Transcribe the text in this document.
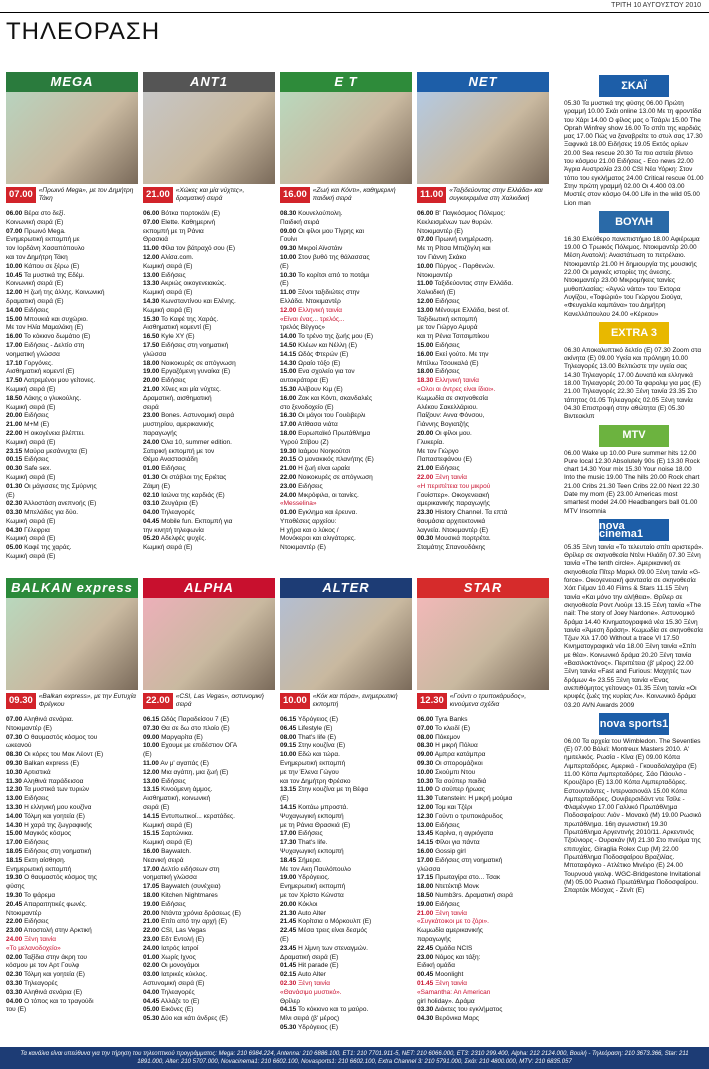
ΤΡΙΤΗ 10 ΑΥΓΟΥΣΤΟΥ 2010
ΤΗΛΕΟΡΑΣΗ
MEGA
07.00 «Πρωινό Mega», με τον Δημήτρη Τάκη
06.00 Βέρα στο δεξί.
Κοινωνική σειρά (Ε)
07.00 Πρωινό Mega.
Ενημερωτική εκπομπή με
τον Ιορδάνη Χασαπόπουλο
και τον Δημήτρη Τάκη
10.00 Κάπου σε ξέρω (Ε)
10.45 Τα μυστικά της Εδέμ.
Κοινωνική σειρά (Ε)
12.00 Η ζωή της άλλης. Κοινωνική
δραματική σειρά (Ε)
14.00 Ειδήσεις
15.00 Μπουκιά και συχώριο.
Με τον Ηλία Μαμαλάκη (Ε)
16.00 Το κόκκινο δωμάτιο (Ε)
17.00 Ειδήσεις - Δελτίο στη
νοηματική γλώσσα
17.10 Γοργόνες.
Αισθηματική κομεντί (Ε)
17.50 Λατρεμένοι μου γείτονες.
Κωμική σειρά (Ε)
18.50 Λάκης ο γλυκούλης.
Κωμική σειρά (Ε)
20.00 Ειδήσεις
21.00 Μ+Μ (Ε)
22.00 Η οικογένεια βλέπτει.
Κωμική σειρά (Ε)
23.15 Μαύρα μεσάνυχτα (Ε)
00.15 Ειδήσεις
00.30 Safe sex.
Κωμική σειρά (Ε)
01.30 Οι μάγισσες της Σμύρνης
(Ε)
02.30 Άλλοστάση ανεπνοής (Ε)
03.30 Μπελάδες για δύο.
Κωμική σειρά (Ε)
04.30 Γέλεφρια
Κωμική σειρά (Ε)
05.00 Καφέ της χαράς.
Κωμική σειρά (Ε)
ANT1
21.00 «Χώκες και μία νύχτες», δραματική σειρά
06.00 Βότκα πορτοκάλι (Ε)
07.00 Elette. Καθημερινή
εκπομπή με τη Ράνια
Θρασκιά
11.00 Φίλα τον βάτραχό σου (Ε)
12.00 Αλίσα.com.
Κωμική σειρά (Ε)
13.00 Ειδήσεις
13.30 Ακριώς οικογενειακώς.
Κωμική σειρά (Ε)
14.30 Κωνσταντίνου και Ελένης.
Κωμική σειρά (Ε)
15.30 Το Καφέ της Χαράς.
Αισθηματική κομεντί (Ε)
16.50 Kyle XY (Ε)
17.50 Ειδήσεις στη νοηματική
γλώσσα
18.00 Νοικοκυρές σε απόγνωση
19.00 Εργαζόμενη γυναίκα (Ε)
20.00 Ειδήσεις
21.00 Χίλιες και μία νύχτες.
Δραματική, αισθηματική
σειρά
23.00 Bones. Αστυνομική σειρά
μυστηρίου, αμερικανικής
παραγωγής
24.00 Όλα 10, summer edition.
Σατιρική εκπομπή με τον
Θέμο Αναστασιάδη
01.00 Ειδήσεις
01.30 Οι στάβλοι της Εριέτας
Ζάιμη (Ε)
02.10 Ιαώνα της καρδιάς (Ε)
03.10 Ζευγάρια (Ε)
04.00 Τηλεαγορές
04.45 Mobile fun. Εκπομπή για
την κινητή τηλεφωνία
05.20 Αδελφές ψυχές.
Κωμική σειρά (Ε)
E T
16.00 «Ζωή και Κόντι», καθημερινή παιδική σειρά
08.30 Κουνελούπολη.
Παιδική σειρά
09.00 Οι φίλοι μου Τίγρης και
Γουίνι
09.30 Μικροί Αϊνστάιν
10.00 Στον βυθό της θάλασσας
(Ε)
10.30 Το κορίτσι από το ποτάμι
(Ε)
11.00 Ξένοι ταξιδιώτες στην
Ελλάδα. Ντοκιμαντέρ
12.00 Ελληνική ταινία
«Είναι ένας... τρελός...
τρελός Βέγγος»
14.00 Το τρένο της ζωής μου (Ε)
14.50 Κλέων και Νέλλη (Ε)
14.15 Ωδός Φτερών (Ε)
14.30 Ωραίο τόξο (Ε)
15.00 Ενα σχολείο για τον
αυτοκράτορα (Ε)
15.30 Αλίβουν Κιμ (Ε)
16.00 Ζακ και Κόντι, σκανδαλιές
στο ξενοδοχείο (Ε)
16.30 Οι μάγοι του Γουέιβερλι
17.00 Ατίθασα νιάτα
18.00 Ευρωπαϊκό Πρωτάθλημα
Υγρού Στίβου (Ζ)
19.30 Ιαάμου Νοηκούτσι
20.15 Ο μονακικός πλανήτης (Ε)
21.00 Η ζωή είναι ωραία
22.00 Νοικοκυρές σε απόγνωση
23.00 Ειδήσεις
24.00 Μικρόφιλα, οι ταινίες.
«Messelina»
01.00 Εγκλημα και έρευνα.
Υποθέσεις αρχείου:
Η χήρα και ο λύκος /
Μονόκεροι και αλιγάτορες.
Ντοκιμαντέρ (Ε)
NET
11.00 «Ταξιδεύοντας στην Ελλάδα» και συγκεκριμένα στη Χαλκιδική
06.00 Β' Παγκόσμιος Πόλεμος:
Κεκλεισμένων των θυρών.
Ντοκιμαντέρ (Ε)
07.00 Πρωινή ενημέρωση.
Με τη Ρίτσα Μπιζόγλη και
τον Γιάννη Σκάκο
10.00 Πύργος - Παρθενών.
Ντοκιμαντέρ
11.00 Ταξιδεύοντας στην Ελλάδα.
Χαλκιδική (Ε)
12.00 Ειδήσεις
13.00 Μένουμε Ελλάδα, best of.
Ταξιδιωτική εκπομπή
με τον Γιώργο Αμυρά
και τη Ρένια Τσιτσιμπίκου
15.00 Ειδήσεις
16.00 Εκεί γούτο. Με την
Μπίλιω Τσουκαλά (Ε)
18.00 Ειδήσεις
18.30 Ελληνική ταινία
«Ολοι οι άντρες είναι ίδιοι».
Κωμωδία σε σκηνοθεσία
Αλέκου Σακελλάριου.
Παίζουν: Αννα Φόνσου,
Γιάννης Βογιατζής
20.00 Οι φίλοι μου.
Γλυκερία.
Με τον Γιώργο
Παπαστεφάνου (Ε)
21.00 Ειδήσεις
22.00 Ξένη ταινία
«Η περιπέτεια του μικρού
Γουίσπερ». Οικογενειακή
αμερικανικής παραγωγής
23.30 History Channel. Τα επτά
θαυμάσια αρχιτεκτονικά
λαγνεία. Ντοκιμαντέρ (Ε)
00.30 Μουσικά πορτρέτα.
Σταμάτης Σπανουδάκης
BALKAN express
09.30 «Balkan express», με την Ευτυχία Φρέγκου
07.00 Αληθινά σενάρια.
Ντοκιμαντέρ (Ε)
07.30 Ο θαυμαστός κόσμος του
ωκεανού
08.30 Οι κόρες του Μακ Λέοντ (Ε)
09.30 Balkan express (Ε)
10.30 Αρτιστικά
11.30 Αληθινά παράδεισοα
12.30 Τα μυστικά των τυριών
13.00 Ειδήσεις
13.30 Η ελληνική μου κουζίνα
14.00 Τόλμη και γοητεία (Ε)
14.30 Η χαρά της ζωγραφικής
15.00 Μαγικός κόσμος
17.00 Ειδήσεις
18.05 Ειδήσεις στη νοηματική
18.15 Εκτη αίσθηση.
Ενημερωτική εκπομπή
19.30 Ο θαυμαστός κόσμος της
φύσης
19.30 Το ψάρεμα
20.45 Απαραιτητικές φωνές.
Ντοκιμαντέρ
22.00 Ειδήσεις
23.00 Αποστολή στην Αρκτική
24.00 Ξένη ταινία
«Το μελανοδοχείο»
02.00 Ταξίδια στην άκρη του
κόσμου με τον Αρτ Γουλφ
02.30 Τόλμη και γοητεία (Ε)
03.30 Τηλεαγορές
03.30 Αληθινά σενάρια (Ε)
04.00 Ο τόπος και το τραγούδι
του (Ε)
ALPHA
22.00 «CSI, Las Vegas», αστυνομική σειρά
06.15 Ωδός Παραδείσου 7 (Ε)
07.30 Θα σε δω στο πλοίο (Ε)
09.00 Μαργαρίτα (Ε)
10.00 Εχουμε με επιδέστιον ΟΓΑ
(Ε)
11.00 Αν μ' αγαπάς (Ε)
12.00 Μια αγάπη, μια ζωή (Ε)
13.00 Ειδήσεις
13.15 Κινούμενη άμμος.
Αισθηματική, κοινωνική
σειρά (Ε)
14.15 Εντυπωτικοί... κερατάδες.
Κωμική σειρά (Ε)
15.15 Σαρτώνικα.
Κωμική σειρά (Ε)
16.00 Baywatch.
Νεανική σειρά
17.00 Δελτίο ειδήσεων στη
νοηματική γλώσσα
17.05 Baywatch (συνέχεια)
18.00 Kitchen Nightmares
19.00 Ειδήσεις
20.00 Ντάντα χρόνια δράσεως (Ε)
21.00 Επίτι από την αρχή (Ε)
22.00 CSI, Las Vegas
23.00 Εδτ Εντολή (Ε)
24.00 Ιατρός Ιατροί
01.00 Χωρίς Ιχνος
02.00 Οι μονογάμοι
03.00 Ιατρικές κύκλος.
Αστυνομική σειρά (Ε)
04.00 Τηλεαγορές
04.45 Αλλάζε το (Ε)
05.00 Εικόνες (Ε)
05.30 Δύο και κάτι άνδρες (Ε)
ALTER
10.00 «Κόκ και πόρα», ενημερωτική εκπομπή
06.15 Υδρόγειος (Ε)
06.45 Lifestyle (Ε)
08.00 That's life (Ε)
09.15 Στην κουζίνα (Ε)
10.00 Εδώ και τώρα.
Ενημερωτική εκπομπή
με την Έλενα Γώγου
και τον Δημήτρη Φρέσκο
13.15 Στην κουζίνα με τη Βέφα
(Ε)
14.15 Κοιτάω μπροστά.
Ψυχαγωγική εκπομπή
με τη Ράνια Θρασκιά (Ε)
17.00 Ειδήσεις
17.30 That's life.
Ψυχαγωγική εκπομπή
18.45 Σήμερα.
Με τον Ακη Παυλόπουλο
19.00 Υδρόγειος.
Ενημερωτική εκπομπή
με τον Χρίστο Κώνστα
20.00 Κόκλοι
21.30 Auto Alter
21.45 Κορίτσια ο Μόρκουλπ (Ε)
22.45 Μέσα τρεις είναι δεσμός
(Ε)
23.45 Η λίμνη των στεναγμών.
Δραματική σειρά (Ε)
01.45 Hit parade (Ε)
02.15 Auto Alter
02.30 Ξένη ταινία
«Θανάσιμο μυστικό».
Θρίλερ
04.15 Το κόκκινο και το μαύρο.
Μίνι σειρά (β' μέρος)
05.30 Υδρόγειος (Ε)
STAR
12.30 «Γούντι ο τρυποκάρυδος», κινούμενα σχέδια
06.00 Tyra Banks
07.00 Το κλειδί (Ε)
08.00 Πόκεμον
08.30 Η μικρή Πόλυα
09.00 Αμπρα κατάμπρα
09.30 Οι σπορομάζικοι
10.00 Σκούμπι Ντου
10.30 Τα σούπερ παιδιά
11.00 Ο σούπερ ήρωας
11.30 Tutenstein: Η μικρή μούμια
12.00 Τομ και Τζέρι
12.30 Γούντι ο τρυποκάρυδος
13.00 Ειδήσεις
13.45 Καρίνα, η αγριόγατα
14.15 Φίλοι για πάντα
16.00 Gossip girl
17.00 Ειδήσεις στη νοηματική
γλώσσα
17.15 Πρωταγίρα στο... Τσακ
18.00 Ντετέκτιβ Μονκ
18.50 Numb3rs. Δραματική σειρά
19.00 Ειδήσεις
21.00 Ξένη ταινία
«Συγκάτοικοι με το ζόρι».
Κωμωδία αμερικανικής
παραγωγής
22.45 Ομάδα NCIS
23.00 Νόμος και τάξη:
Ειδική ομάδα
00.45 Moonlight
01.45 Ξένη ταινία
«Samantha: An American
girl holiday». Δράμα
03.30 Διάκτες του εγκλήματος
04.30 Βερόνικα Μαρς
ΣΚΑΪ
05.30 Τα μυστικά της φύσης 06.00 Πρώτη γραμμή 10.00 Σκάι online 13.00 Με τη φροντίδα του Χάρι 14.00 Ο φίλος μας ο Τσάρλι 15.00 The Oprah Winfrey show 16.00 Το σπίτι της καρδιάς μας 17.00 Πώς να ξαναβρείτε το στυλ σας 17.30 Ξαφνικά 18.00 Ειδήσεις 19.05 Εκτός ορίων 20.00 Sea rescue 20.30 Τα πιο αστεία βίντεο του κόσμου 21.00 Ειδήσεις - Εco news 22.00 Άγρια Αυστραλία 23.00 CSI Νέα Υόρκη: Στον τόπο του εγκλήματος 24.00 Critical rescue 01.00 Στην πρώτη γραμμή 02.00 Οι 4.400 03.00 Μυστές στον κόσμο 04.00 Life in the wild 05.00 Lion man
ΒΟΥΛΗ
16.30 Ελεύθερο πανεπιστήμιο 18.00 Αφιέρωμα 19.00 Ο Τρωικός Πόλεμος. Ντοκιμαντέρ 20.00 Μέση Ανατολή: Αναστάτωση το πετρέλαιο. Ντοκιμαντέρ 21.00 Η δημιουργία της μουσικής 22.00 Οι μαγικές ιστορίες της άνεσης. Ντοκιμαντέρ 23.00 Μικρομήκεις ταινίες μυθοπλασίας: «Άγνώ νάιτα» του Έκτορα Λυγίζου, «Τοφώριό» του Γιώργου Σιούγα, «Φευγαλέα καμπάνα» του Δημήτρη Κανελλόπουλου 24.00 «Κέρκου»
EXTRA 3
06.30 Αποκαλυπτικό δελτίο (Ε) 07.30 Zoom στα ακίνητα (Ε) 09.00 Υγεία και πρόληψη 10.00 Τηλεαγορές 13.00 Βελτιώστε την υγεία σας 14.30 Τηλεαγορές 17.00 Δυνατά και ελληνικά 18.00 Τηλεαγορές 20.00 Τα φαρολιμ για μας (Ε) 21.00 Τηλεαγορές 22.30 Ξένη ταινία 23.35 Στο τάπητος 01.05 Τηλεαγορές 02.05 Ξένη ταινία 04.30 Επιστροφή στην αθώτητα (Ε) 05.30 Βιντεοκλιπ
MTV
06.00 Wake up 10.00 Pure summer hits 12.00 Pure local 12.30 Absolutely 90s (Ε) 13.30 Rock chart 14.30 Your mix 15.30 Your noise 18.00 Into the music 19.00 The hills 20.00 Rock chart 21.00 Cribs 21.30 Teen Cribs 22.00 Next 22.30 Date my mom (Ε) 23.00 Americas most smartest model 24.00 Headbangers ball 01.00 MTV Insomnia
nova cinema1
05.35 Ξένη ταινία «Το τελευταίο σπίτι αριστερά». Θρίλερ σε σκηνοθεσία Ντένι Ηλιάδη 07.30 Ξένη ταινία «The tenth circle». Αμερικανική σε σκηνοθεσία Πίτερ Μαρκλ 09.00 Ξένη ταινία «G-force». Οικογενειακή φαντασία σε σκηνοθεσία Χόιτ Γιέμαν 10.40 Films & Stars 11.15 Ξένη ταινία «Και μόνο την αλήθεια». Θρίλερ σε σκηνοθεσία Ροντ Λιούρι 13.15 Ξένη ταινία «The nail: The story of Joey Nardone». Αστυνομικό δράμα 14.40 Κινηματογραφικά νέα 15.30 Ξένη ταινία «Άμεση δράση». Κωμωδία σε σκηνοθεσία Τζων Χιλ 17.00 Without a trace VI 17.50 Κινηματογραφικά νέα 18.00 Ξένη ταινία «Σπίτι με θέα». Κοινωνικό δράμα 20.20 Ξένη ταινία «Βασιλοκτόνος». Περιπέτεια (β' μέρος) 22.00 Ξένη ταινία «Fast and Furious: Μαχητές των δρόμων 4» 23.55 Ξένη ταινία «Ένας ανεπιθύμητος γείτονας» 01.35 Ξένη ταινία «Οι κρυφές ζωές της κυρίας Λι». Κοινωνικό δράμα 03.20 AVN Awards 2009
nova sports1
06.00 Τα αρχεία του Wimbledon. The Seventies (Ε) 07.00 Βόλεϊ: Montreux Masters 2010. Α' ημιτελικός. Ρωσία - Κίνα (Ε) 09.00 Κόπα Λιμπερταδόρες. Αμερικά - Γκουαδαλαχάρα (Ε) 11.00 Κόπα Λιμπερταδόρες. Σάο Πάουλο - Κρουζέιρο (Ε) 13.00 Κόπα Λιμπερταδόρες. Εστουντιάντες - Ιντερνασιονάλ 15.00 Κόπα Λιμπερταδόρες. Ουνιβερσιδάντ ντε Τσίλε - Φλαμένγκο 17.00 Γαλλικό Πρωτάθλημα Ποδοσφαίρου: Λιόν - Μονακό (Μ) 19.00 Ρωσικό πρωτάθλημα. 16η αγωνιστική 19.30 Πρωτάθλημα Αργεντινής 2010/11. Αρκεντινός Τζούνιορς - Ουρακάν (Μ) 21.30 Στο πνεύμα της επιτυχίας. Giraglia Rolex Cup (Μ) 22.00 Πρωτάθλημα Ποδοσφαίρου Βραζιλίας. Μποταφόγκο - Ατλέτικο Μινέιρο (Ε) 24.00 Τουρνουά γκολφ. WGC-Bridgestone Invitational (Μ) 05.00 Ρωσικό Πρωτάθλημα Ποδοσφαίρου. Σπαρτάκ Μόσχας - Ζενίτ (Ε)
Τα κανάλια είναι υπεύθυνα για την τήρηση του τηλεοπτικού προγράμματος: Mega: 210 6984.224, Antenna: 210 6886.100, ΕΤ1: 210 7701.911-5, NET: 210 6066.000, ΕΤ3: 2310 299.400, Alpha: 212 2124.000, Βουλή - Τηλεόραση: 210 3673.366, Star: 211 1891.000, Alter: 210 5707.000, Novacinema1: 210 6602.100, Novasports1: 210 6602.100, Extra Channel 3: 210 5791.000, Σκάι: 210 4800.000, MTV: 210 6835.057
